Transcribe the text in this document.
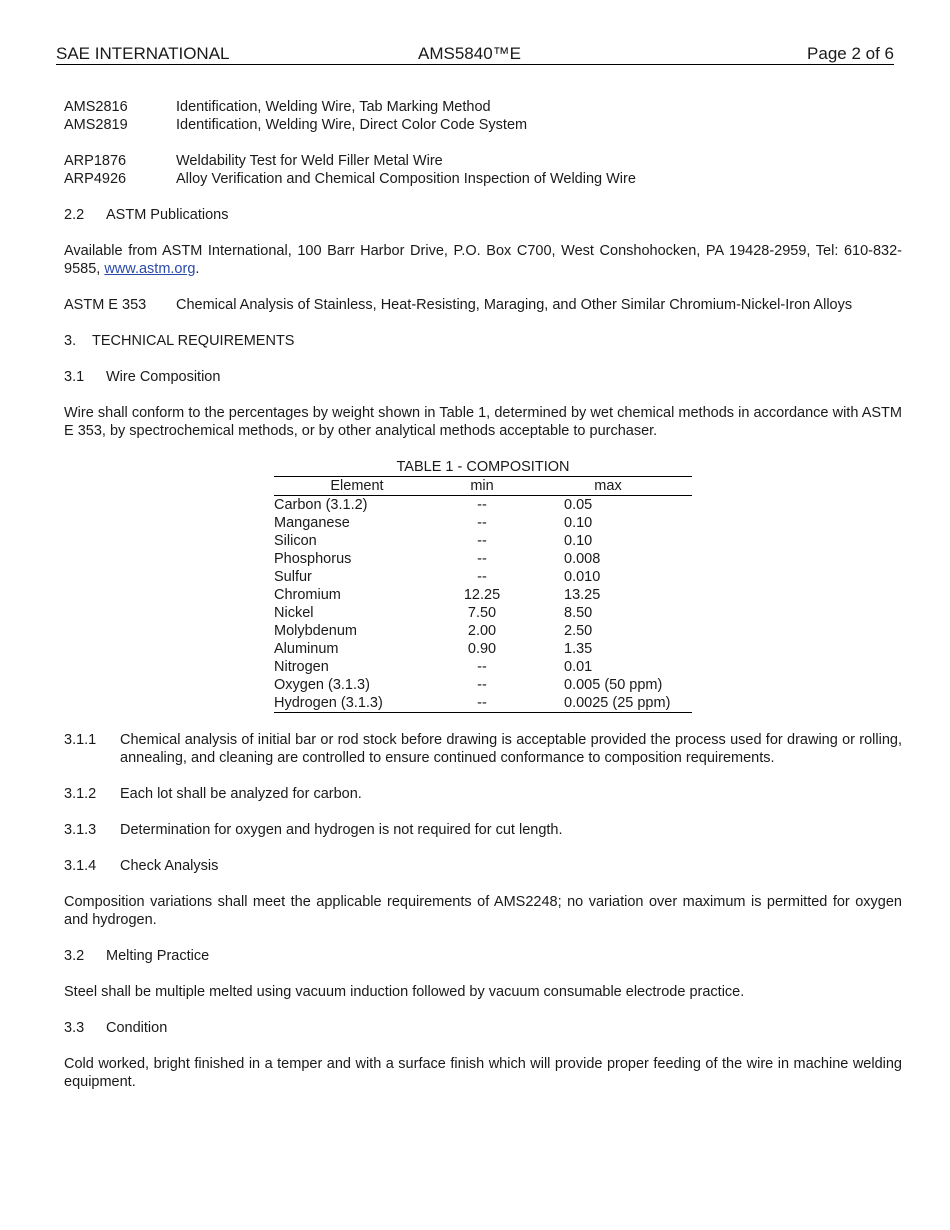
SAE INTERNATIONAL	AMS5840™E	Page 2 of 6
AMS2816	Identification, Welding Wire, Tab Marking Method
AMS2819	Identification, Welding Wire, Direct Color Code System
ARP1876	Weldability Test for Weld Filler Metal Wire
ARP4926	Alloy Verification and Chemical Composition Inspection of Welding Wire
2.2 ASTM Publications
Available from ASTM International, 100 Barr Harbor Drive, P.O. Box C700, West Conshohocken, PA 19428-2959, Tel: 610-832-9585, www.astm.org.
ASTM E 353	Chemical Analysis of Stainless, Heat-Resisting, Maraging, and Other Similar Chromium-Nickel-Iron Alloys
3. TECHNICAL REQUIREMENTS
3.1 Wire Composition
Wire shall conform to the percentages by weight shown in Table 1, determined by wet chemical methods in accordance with ASTM E 353, by spectrochemical methods, or by other analytical methods acceptable to purchaser.
TABLE 1 - COMPOSITION
Element	min	max
Carbon (3.1.2)	--	0.05
Manganese	--	0.10
Silicon	--	0.10
Phosphorus	--	0.008
Sulfur	--	0.010
Chromium	12.25	13.25
Nickel	7.50	8.50
Molybdenum	2.00	2.50
Aluminum	0.90	1.35
Nitrogen	--	0.01
Oxygen (3.1.3)	--	0.005 (50 ppm)
Hydrogen (3.1.3)	--	0.0025 (25 ppm)
3.1.1	Chemical analysis of initial bar or rod stock before drawing is acceptable provided the process used for drawing or rolling, annealing, and cleaning are controlled to ensure continued conformance to composition requirements.
3.1.2	Each lot shall be analyzed for carbon.
3.1.3	Determination for oxygen and hydrogen is not required for cut length.
3.1.4	Check Analysis
Composition variations shall meet the applicable requirements of AMS2248; no variation over maximum is permitted for oxygen and hydrogen.
3.2 Melting Practice
Steel shall be multiple melted using vacuum induction followed by vacuum consumable electrode practice.
3.3 Condition
Cold worked, bright finished in a temper and with a surface finish which will provide proper feeding of the wire in machine welding equipment.
